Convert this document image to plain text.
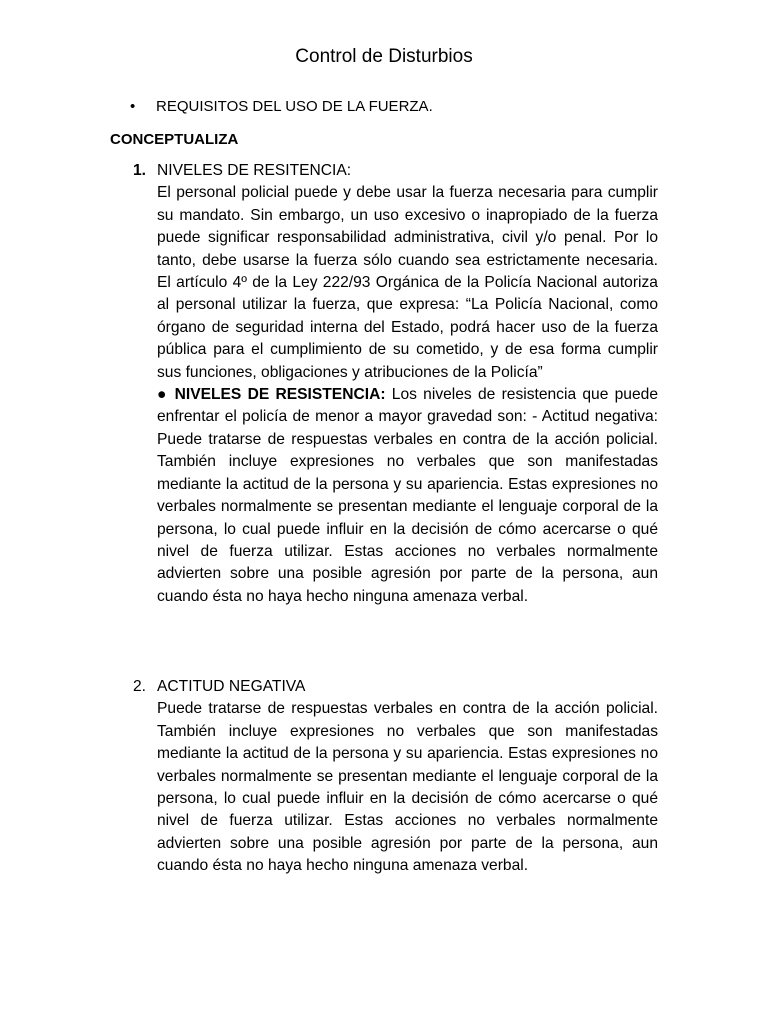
Control de Disturbios
• REQUISITOS DEL USO DE LA FUERZA.
CONCEPTUALIZA
1. NIVELES DE RESITENCIA:

El personal policial puede y debe usar la fuerza necesaria para cumplir su mandato. Sin embargo, un uso excesivo o inapropiado de la fuerza puede significar responsabilidad administrativa, civil y/o penal. Por lo tanto, debe usarse la fuerza sólo cuando sea estrictamente necesaria. El artículo 4º de la Ley 222/93 Orgánica de la Policía Nacional autoriza al personal utilizar la fuerza, que expresa: “La Policía Nacional, como órgano de seguridad interna del Estado, podrá hacer uso de la fuerza pública para el cumplimiento de su cometido, y de esa forma cumplir sus funciones, obligaciones y atribuciones de la Policía”

● NIVELES DE RESISTENCIA: Los niveles de resistencia que puede enfrentar el policía de menor a mayor gravedad son: - Actitud negativa: Puede tratarse de respuestas verbales en contra de la acción policial. También incluye expresiones no verbales que son manifestadas mediante la actitud de la persona y su apariencia. Estas expresiones no verbales normalmente se presentan mediante el lenguaje corporal de la persona, lo cual puede influir en la decisión de cómo acercarse o qué nivel de fuerza utilizar. Estas acciones no verbales normalmente advierten sobre una posible agresión por parte de la persona, aun cuando ésta no haya hecho ninguna amenaza verbal.

2. ACTITUD NEGATIVA

Puede tratarse de respuestas verbales en contra de la acción policial. También incluye expresiones no verbales que son manifestadas mediante la actitud de la persona y su apariencia. Estas expresiones no verbales normalmente se presentan mediante el lenguaje corporal de la persona, lo cual puede influir en la decisión de cómo acercarse o qué nivel de fuerza utilizar. Estas acciones no verbales normalmente advierten sobre una posible agresión por parte de la persona, aun cuando ésta no haya hecho ninguna amenaza verbal.
